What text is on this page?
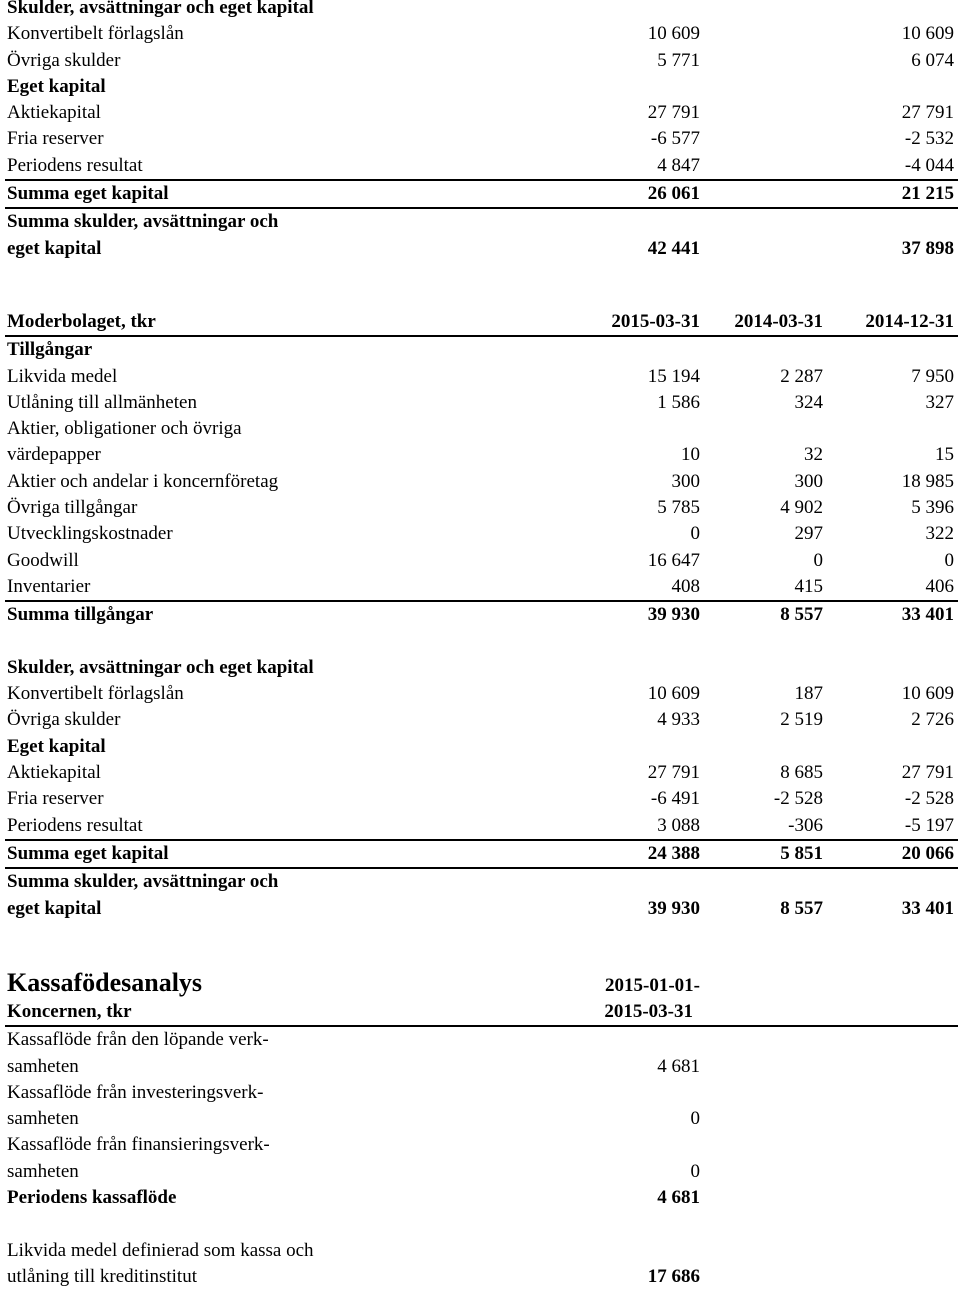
Skulder, avsättningar och eget kapital
Konvertibelt förlagslån	10 609	10 609
Övriga skulder	5 771	6 074
Eget kapital
Aktiekapital	27 791	27 791
Fria reserver	-6 577	-2 532
Periodens resultat	4 847	-4 044
Summa eget kapital	26 061	21 215
Summa skulder, avsättningar och
eget kapital	42 441	37 898
Moderbolaget, tkr	2015-03-31 2014-03-31 2014-12-31
Tillgångar
Likvida medel	15 194	2 287	7 950
Utlåning till allmänheten	1 586	324	327
Aktier, obligationer och övriga
värdepapper	10	32	15
Aktier och andelar i koncernföretag	300	300	18 985
Övriga tillgångar	5 785	4 902	5 396
Utvecklingskostnader	0	297	322
Goodwill	16 647	0	0
Inventarier	408	415	406
Summa tillgångar	39 930	8 557	33 401
Skulder, avsättningar och eget kapital
Konvertibelt förlagslån	10 609	187	10 609
Övriga skulder	4 933	2 519	2 726
Eget kapital
Aktiekapital	27 791	8 685	27 791
Fria reserver	-6 491	-2 528	-2 528
Periodens resultat	3 088	-306	-5 197
Summa eget kapital	24 388	5 851	20 066
Summa skulder, avsättningar och
eget kapital	39 930	8 557	33 401
Kassafödesanalys	2015-01-01-
Koncernen, tkr	2015-03-31
Kassaflöde från den löpande verk-
samheten	4 681
Kassaflöde från investeringsverk-
samheten	0
Kassaflöde från finansieringsverk-
samheten	0
Periodens kassaflöde	4 681
Likvida medel definierad som kassa och
utlåning till kreditinstitut	17 686
